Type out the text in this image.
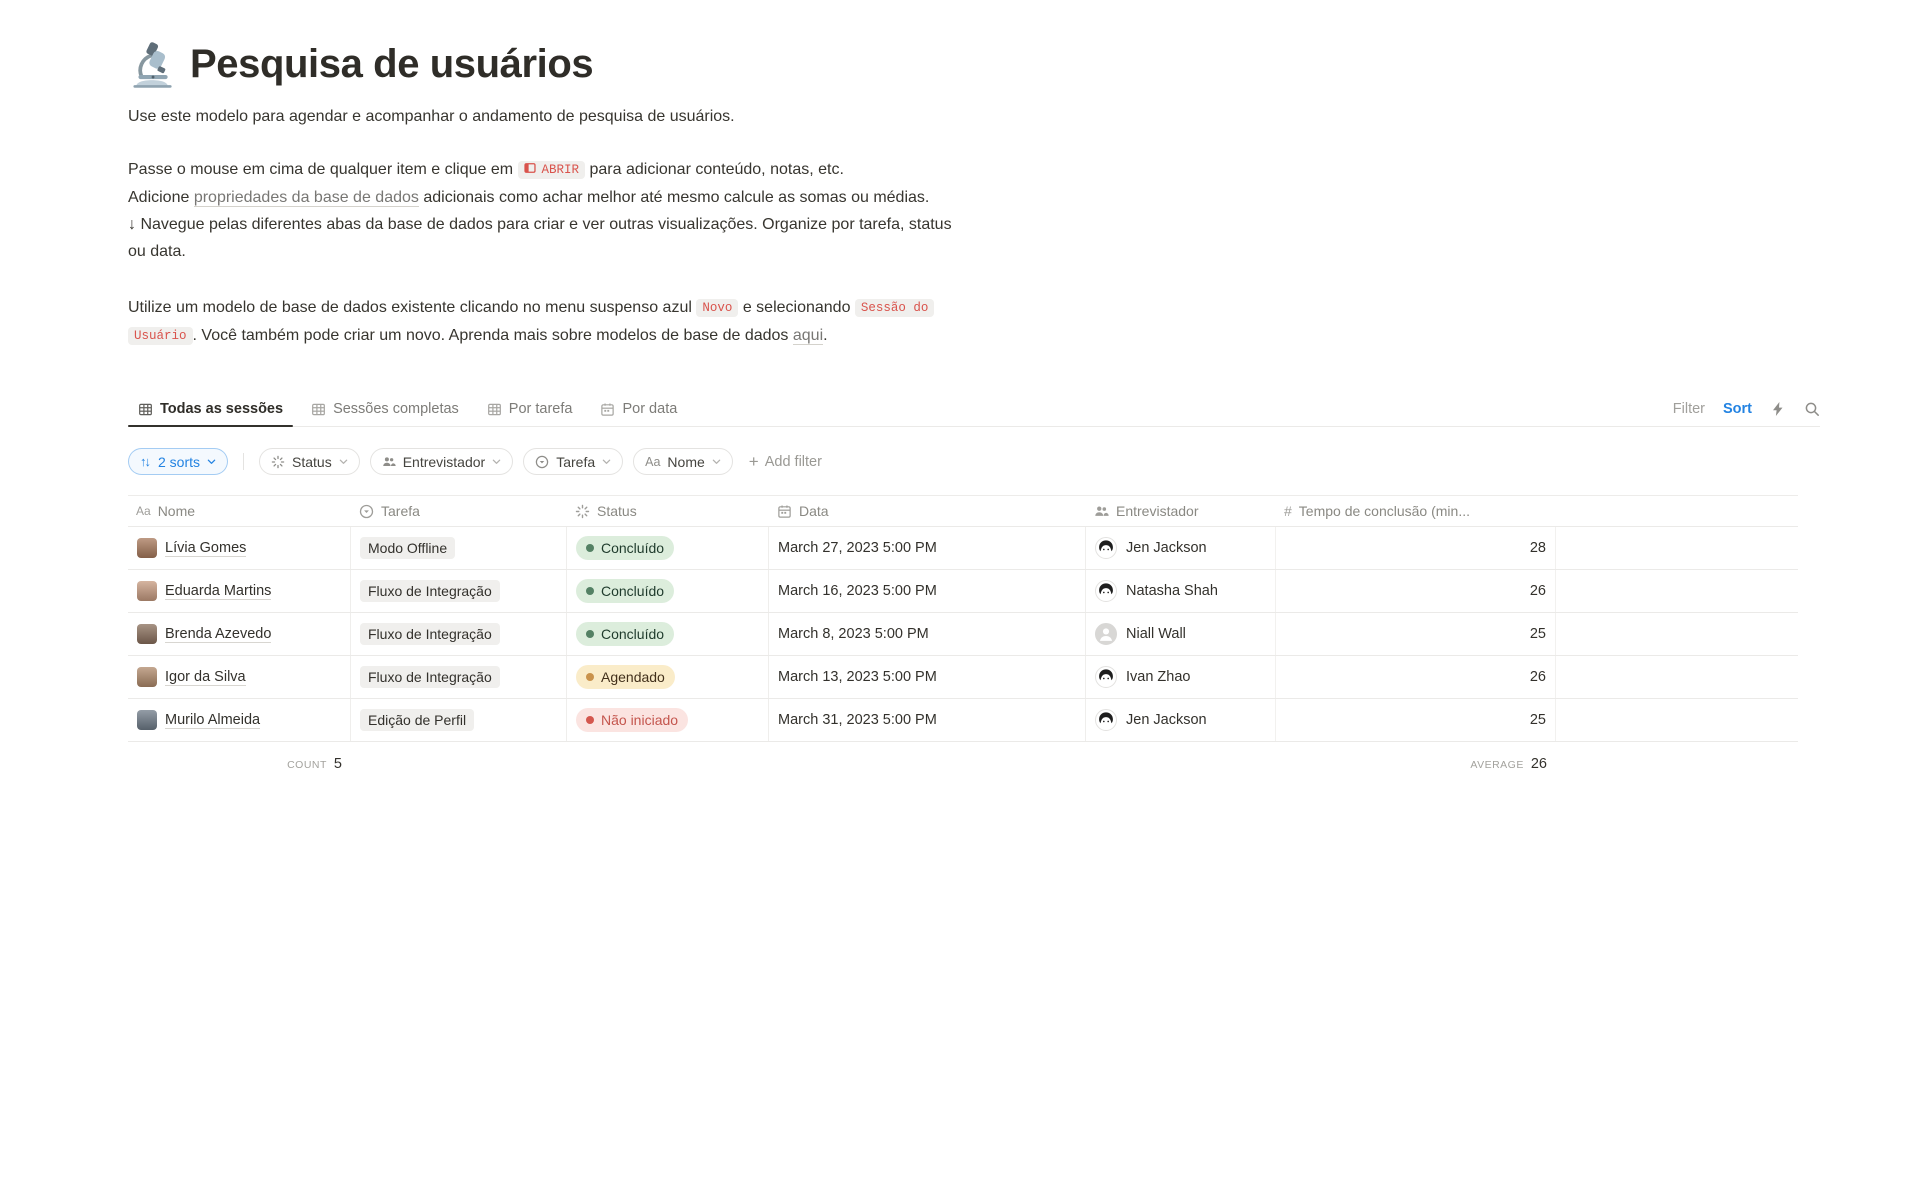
Pesquisa de usuários

Use este modelo para agendar e acompanhar o andamento de pesquisa de usuários.

Passe o mouse em cima de qualquer item e clique em ABRIR para adicionar conteúdo, notas, etc.
Adicione propriedades da base de dados adicionais como achar melhor até mesmo calcule as somas ou médias.
↓ Navegue pelas diferentes abas da base de dados para criar e ver outras visualizações. Organize por tarefa, status
ou data.
Utilize um modelo de base de dados existente clicando no menu suspenso azul Novo e selecionando Sessão do
Usuário . Você também pode criar um novo. Aprenda mais sobre modelos de base de dados aqui.
Todas as sessões	Sessões completas	Por tarefa	Por data	Filter Sort
↑↓ 2 sorts	Status	Entrevistador	Tarefa	Aa Nome	+ Add filter
Aa Nome	Tarefa	Status	Data	Entrevistador	# Tempo de conclusão (min...
Lívia Gomes	Modo Offline	Concluído	March 27, 2023 5:00 PM	Jen Jackson	28
Eduarda Martins	Fluxo de Integração	Concluído	March 16, 2023 5:00 PM	Natasha Shah	26
Brenda Azevedo	Fluxo de Integração	Concluído	March 8, 2023 5:00 PM	Niall Wall	25
Igor da Silva	Fluxo de Integração	Agendado	March 13, 2023 5:00 PM	Ivan Zhao	26
Murilo Almeida	Edição de Perfil	Não iniciado	March 31, 2023 5:00 PM	Jen Jackson	25
COUNT 5	AVERAGE 26
